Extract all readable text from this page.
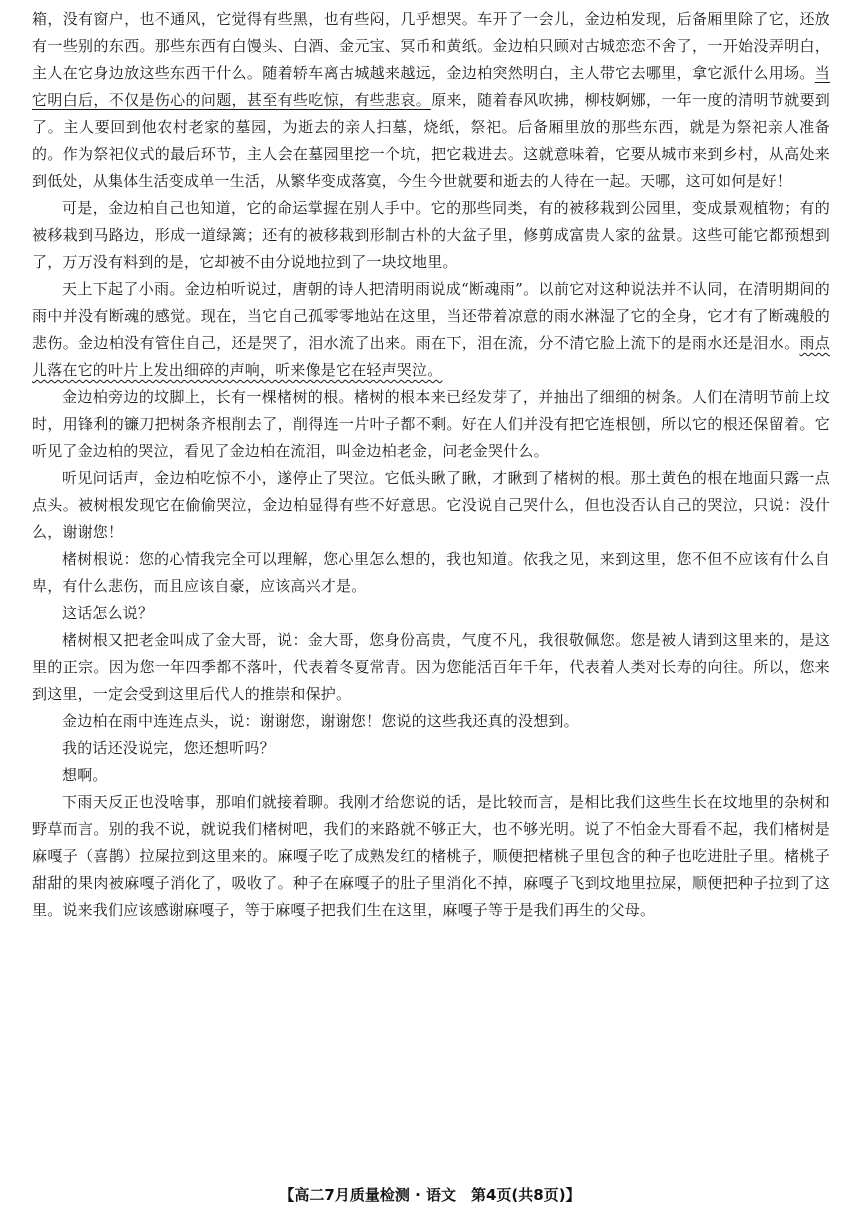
箱，没有窗户，也不通风，它觉得有些黑，也有些闷，几乎想哭。车开了一会儿，金边柏发现，后备厢里除了它，还放有一些别的东西。那些东西有白馒头、白酒、金元宝、冥币和黄纸。金边柏只顾对古城恋恋不舍了，一开始没弄明白，主人在它身边放这些东西干什么。随着轿车离古城越来越远，金边柏突然明白，主人带它去哪里，拿它派什么用场。当它明白后，不仅是伤心的问题，甚至有些吃惊，有些悲哀。原来，随着春风吹拂，柳枝婀娜，一年一度的清明节就要到了。主人要回到他农村老家的墓园，为逝去的亲人扫墓，烧纸，祭祀。后备厢里放的那些东西，就是为祭祀亲人准备的。作为祭祀仪式的最后环节，主人会在墓园里挖一个坑，把它栽进去。这就意味着，它要从城市来到乡村，从高处来到低处，从集体生活变成单一生活，从繁华变成落寞，今生今世就要和逝去的人待在一起。天哪，这可如何是好！

可是，金边柏自己也知道，它的命运掌握在别人手中。它的那些同类，有的被移栽到公园里，变成景观植物；有的被移栽到马路边，形成一道绿篱；还有的被移栽到形制古朴的大盆子里，修剪成富贵人家的盆景。这些可能它都预想到了，万万没有料到的是，它却被不由分说地拉到了一块坟地里。

天上下起了小雨。金边柏听说过，唐朝的诗人把清明雨说成“断魂雨”。以前它对这种说法并不认同，在清明期间的雨中并没有断魂的感觉。现在，当它自己孤零零地站在这里，当还带着凉意的雨水淋湿了它的全身，它才有了断魂般的悲伤。金边柏没有管住自己，还是哭了，泪水流了出来。雨在下，泪在流，分不清它脸上流下的是雨水还是泪水。雨点儿落在它的叶片上发出细碎的声响，听来像是它在轻声哭泣。

金边柏旁边的坟脚上，长有一棵楮树的根。楮树的根本来已经发芽了，并抽出了细细的树条。人们在清明节前上坟时，用锋利的镰刀把树条齐根削去了，削得连一片叶子都不剩。好在人们并没有把它连根刨，所以它的根还保留着。它听见了金边柏的哭泣，看见了金边柏在流泪，叫金边柏老金，问老金哭什么。

听见问话声，金边柏吃惊不小，遂停止了哭泣。它低头瞅了瞅，才瞅到了楮树的根。那土黄色的根在地面只露一点点头。被树根发现它在偷偷哭泣，金边柏显得有些不好意思。它没说自己哭什么，但也没否认自己的哭泣，只说：没什么，谢谢您！

楮树根说：您的心情我完全可以理解，您心里怎么想的，我也知道。依我之见，来到这里，您不但不应该有什么自卑，有什么悲伤，而且应该自豪，应该高兴才是。

这话怎么说？

楮树根又把老金叫成了金大哥，说：金大哥，您身份高贵，气度不凡，我很敬佩您。您是被人请到这里来的，是这里的正宗。因为您一年四季都不落叶，代表着冬夏常青。因为您能活百年千年，代表着人类对长寿的向往。所以，您来到这里，一定会受到这里后代人的推崇和保护。

金边柏在雨中连连点头，说：谢谢您，谢谢您！您说的这些我还真的没想到。

我的话还没说完，您还想听吗？

想啊。

下雨天反正也没啥事，那咱们就接着聊。我刚才给您说的话，是比较而言，是相比我们这些生长在坟地里的杂树和野草而言。别的我不说，就说我们楮树吧，我们的来路就不够正大，也不够光明。说了不怕金大哥看不起，我们楮树是麻嘎子（喜鹊）拉屎拉到这里来的。麻嘎子吃了成熟发红的楮桃子，顺便把楮桃子里包含的种子也吃进肚子里。楮桃子甜甜的果肉被麻嘎子消化了，吸收了。种子在麻嘎子的肚子里消化不掉，麻嘎子飞到坟地里拉屎，顺便把种子拉到了这里。说来我们应该感谢麻嘎子，等于麻嘎子把我们生在这里，麻嘎子等于是我们再生的父母。

【高二7月质量检测 · 语文　第4页(共8页)】
